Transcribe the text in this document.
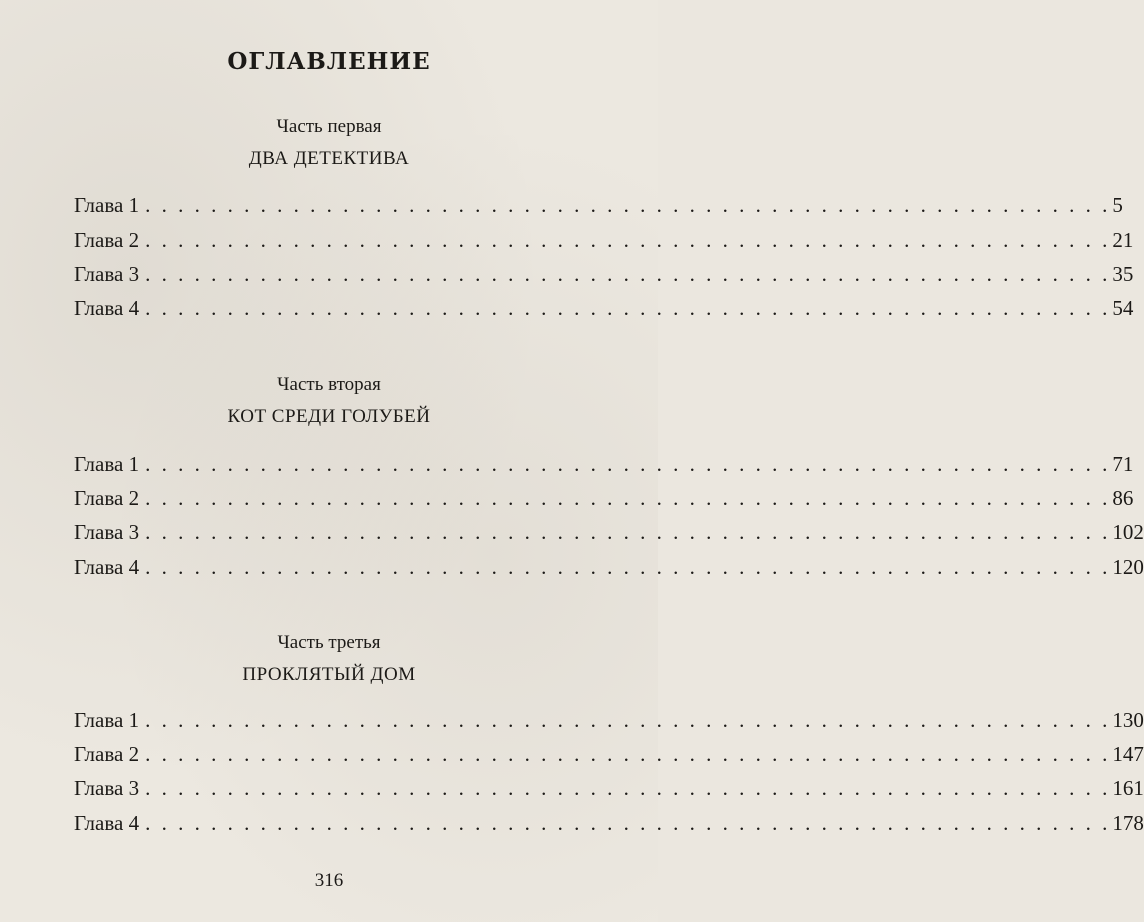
ОГЛАВЛЕНИЕ
Часть первая
ДВА ДЕТЕКТИВА
Глава 1 . . . . . . . . . . . . . . . . . . . . . . . . . . . . . . . . . . . . . . . . . . . . . . . . . . . . . . . . . . . 5
Глава 2 . . . . . . . . . . . . . . . . . . . . . . . . . . . . . . . . . . . . . . . . . . . . . . . . . . . . . . . . . . . 21
Глава 3 . . . . . . . . . . . . . . . . . . . . . . . . . . . . . . . . . . . . . . . . . . . . . . . . . . . . . . . . . . . 35
Глава 4 . . . . . . . . . . . . . . . . . . . . . . . . . . . . . . . . . . . . . . . . . . . . . . . . . . . . . . . . . . . 54
Часть вторая
КОТ СРЕДИ ГОЛУБЕЙ
Глава 1 . . . . . . . . . . . . . . . . . . . . . . . . . . . . . . . . . . . . . . . . . . . . . . . . . . . . . . . . . . . 71
Глава 2 . . . . . . . . . . . . . . . . . . . . . . . . . . . . . . . . . . . . . . . . . . . . . . . . . . . . . . . . . . . 86
Глава 3 . . . . . . . . . . . . . . . . . . . . . . . . . . . . . . . . . . . . . . . . . . . . . . . . . . . . . . . . . . . 102
Глава 4 . . . . . . . . . . . . . . . . . . . . . . . . . . . . . . . . . . . . . . . . . . . . . . . . . . . . . . . . . . . 120
Часть третья
ПРОКЛЯТЫЙ ДОМ
Глава 1 . . . . . . . . . . . . . . . . . . . . . . . . . . . . . . . . . . . . . . . . . . . . . . . . . . . . . . . . . . . 130
Глава 2 . . . . . . . . . . . . . . . . . . . . . . . . . . . . . . . . . . . . . . . . . . . . . . . . . . . . . . . . . . . 147
Глава 3 . . . . . . . . . . . . . . . . . . . . . . . . . . . . . . . . . . . . . . . . . . . . . . . . . . . . . . . . . . . 161
Глава 4 . . . . . . . . . . . . . . . . . . . . . . . . . . . . . . . . . . . . . . . . . . . . . . . . . . . . . . . . . . . 178
316
